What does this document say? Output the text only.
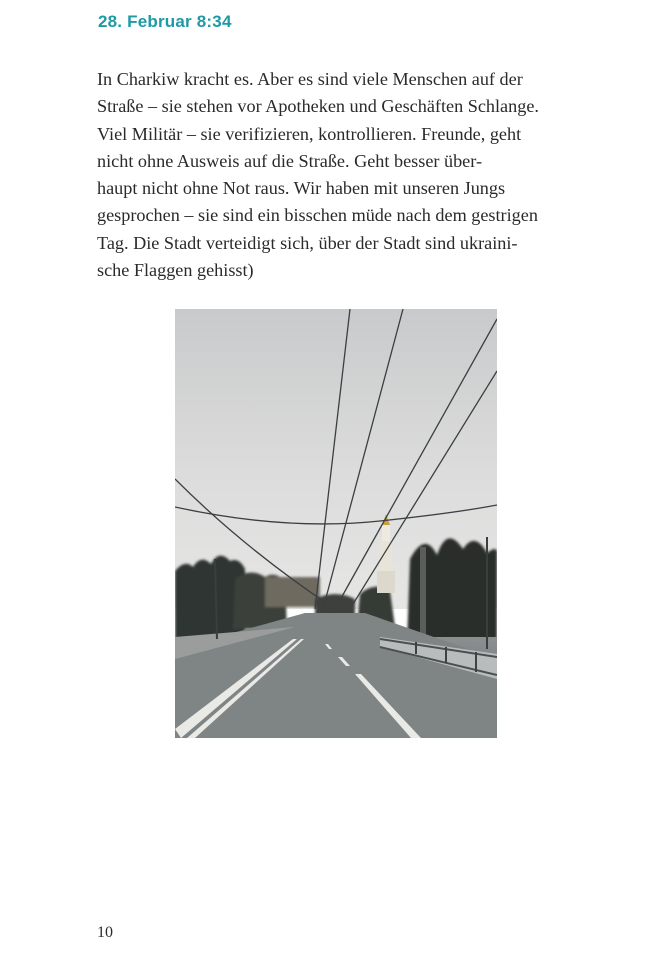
28. Februar 8:34
In Charkiw kracht es. Aber es sind viele Menschen auf der
Straße – sie stehen vor Apotheken und Geschäften Schlange.
Viel Militär – sie verifizieren, kontrollieren. Freunde, geht
nicht ohne Ausweis auf die Straße. Geht besser über-
haupt nicht ohne Not raus. Wir haben mit unseren Jungs
gesprochen – sie sind ein bisschen müde nach dem gestrigen
Tag. Die Stadt verteidigt sich, über der Stadt sind ukraini-
sche Flaggen gehisst)
10
